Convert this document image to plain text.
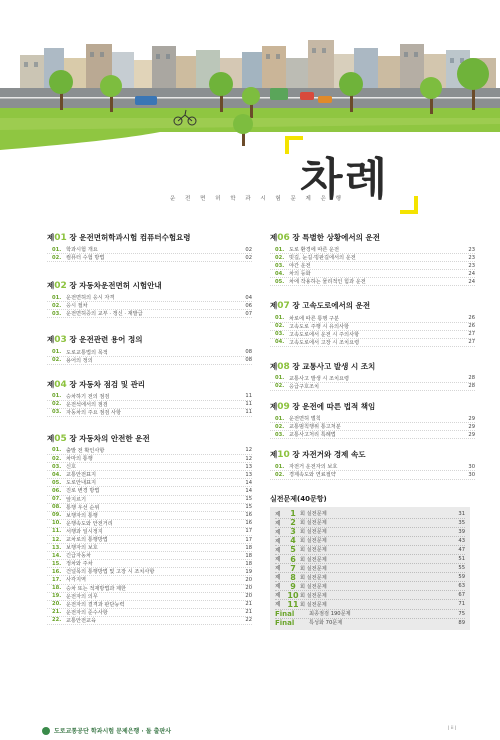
차례
운 전 면 허 학 과 시 험 문 제 은 행
제01 장 운전면허학과시험 컴퓨터수험요령
01. 학과시험 개요	02
02. 컴퓨터 수험 방법	02
제02 장 자동차운전면허 시험안내
01. 운전면허의 응시 자격	04
02. 응시 절차	06
03. 운전면허증의 교부 · 갱신 · 재발급	07
제03 장 운전관련 용어 정의
01. 도로교통법의 목적	08
02. 용어의 정의	08
제04 장 자동차 점검 및 관리
01. 승차하기 전의 점검	11
02. 운전석에서의 점검	11
03. 자동차의 주요 점검 사항	11
제05 장 자동차의 안전한 운전
01. 출발 전 확인사항	12
02. 차마의 통행	12
03. 신호	13
04. 교통안전표지	13
05. 도로안내표지	14
06. 진로 변경 방법	14
07. 앞지르기	15
08. 통행 우선 순위	15
09. 보행자의 통행	16
10. 운행속도와 안전거리	16
11. 서행과 일시정지	17
12. 교차로의 통행방법	17
13. 보행자의 보호	18
14. 긴급자동차	18
15. 정차와 주차	18
16. 건널목의 통행방법 및 고장 시 조치사항	19
17. 사각지역	20
18. 승차 또는 적재방법과 제한	20
19. 운전자의 의무	20
20. 운전자의 결격과 판단능력	21
21. 운전자의 준수사항	21
22. 교통안전교육	22
제06 장 특별한 상황에서의 운전
01. 도로 환경에 따른 운전	23
02. 빗길, 눈길·빙판길에서의 운전	23
03. 야간 운전	23
04. 차의 등화	24
05. 차에 작용하는 물리적인 힘과 운전	24
제07 장 고속도로에서의 운전
01. 차로에 따른 통행 구분	26
02. 고속도로 주행 시 유의사항	26
03. 고속도로에서 운전 시 주의사항	27
04. 고속도로에서 고장 시 조치요령	27
제08 장 교통사고 발생 시 조치
01. 교통사고 발생 시 조치요령	28
02. 응급구호조치	28
제09 장 운전에 따른 법적 책임
01. 운전면허 벌칙	29
02. 교통범칙행위 통고처분	29
03. 교통사고처리 특례법	29
제10 장 자전거와 경제 속도
01. 자전거 운전자의 보호	30
02. 경제속도와 연료절약	30
실전문제(40문항)
제	1 회 실전문제	31
제	2 회 실전문제	35
제	3 회 실전문제	39
제	4 회 실전문제	43
제	5 회 실전문제	47
제	6 회 실전문제	51
제	7 회 실전문제	55
제	8 회 실전문제	59
제	9 회 실전문제	63
제 10 회 실전문제	67
제 11 회 실전문제	71
Final	최종점검 190문제	75
Final	특성화 70문제	89
도로교통공단 학과시험 문제은행 · 돌 출판사	| ii |
